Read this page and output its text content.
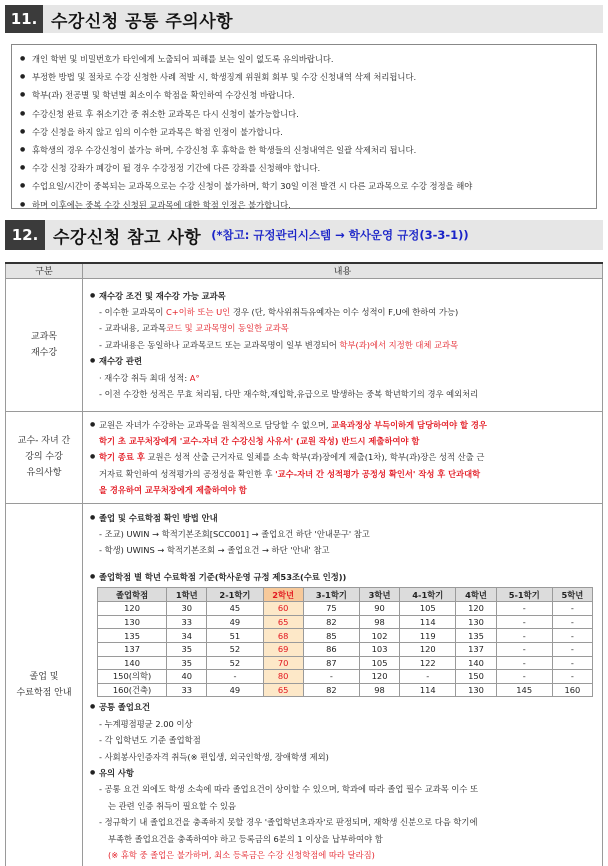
11. 수강신청 공통 주의사항
● 개인 학번 및 비밀번호가 타인에게 노출되어 피해를 보는 일이 없도록 유의바랍니다.
● 부정한 방법 및 절차로 수강 신청한 사례 적발 시, 학생징계 위원회 회부 및 수강 신청내역 삭제 처리됩니다.
● 학부(과) 전공별 및 학년별 최소이수 학점을 확인하여 수강신청 바랍니다.
● 수강신청 완료 후 취소기간 중 취소한 교과목은 다시 신청이 불가능합니다.
● 수강 신청을 하지 않고 임의 이수한 교과목은 학점 인정이 불가합니다.
● 휴학생의 경우 수강신청이 불가능 하며, 수강신청 후 휴학을 한 학생들의 신청내역은 일괄 삭제처리 됩니다.
● 수강 신청 강좌가 폐강이 될 경우 수강정정 기간에 다른 강좌를 신청해야 합니다.
● 수업요일/시간이 중복되는 교과목으로는 수강 신청이 불가하며, 학기 30일 이전 발견 시 다른 교과목으로 수강 정정을 해야
● 하며 이후에는 중복 수강 신청된 교과목에 대한 학점 인정은 불가합니다.
12. 수강신청 참고 사항 (*참고: 규정관리시스템 → 학사운영 규정(3-3-1))
구분	내용

교과목
재수강

● 재수강 조건 및 재수강 가능 교과목
- 이수한 교과목이 C+이하 또는 U인 경우 (단, 학사위취득유예자는 이수 성적이 F,U에 한하여 가능)
- 교과내용, 교과목코드 및 교과목명이 동일한 교과목
- 교과내용은 동일하나 교과목코드 또는 교과목명이 일부 변경되어 학부(과)에서 지정한 대체 교과목
● 재수강 관련
· 재수강 취득 최대 성적: A°
- 이전 수강한 성적은 무효 처리됨, 다만 재수학,재입학,유급으로 발생하는 중복 학년학기의 경우 예외처리

교수- 자녀 간
강의 수강
유의사항

● 교원은 자녀가 수강하는 교과목을 원칙적으로 담당할 수 없으며, 교육과정상 부득이하게 담당하여야 할 경우
학기 초 교무처장에게 '교수-자녀 간 수강신청 사유서' (교원 작성) 반드시 제출하여야 함
● 학기 종료 후 교원은 성적 산출 근거자료 일체를 소속 학부(과)장에게 제출(1차), 학부(과)장은 성적 산출 근
거자료 확인하여 성적평가의 공정성을 확인한 후 '교수-자녀 간 성적평가 공정성 확인서' 작성 후 단과대학
을 경유하여 교무처장에게 제출하여야 함

졸업 및
수료학점 안내

● 졸업 및 수료학점 확인 방법 안내
- 조교) UWIN → 학적기본조회[SCC001] → 졸업요건 하단 '안내문구' 참고
- 학생) UWINS → 학적기본조회 → 졸업요건 → 하단 '안내' 참고
● 졸업학점 별 학년 수료학점 기준(학사운영 규정 제53조(수료 인정))
졸업학점	1학년	2-1학기	2학년	3-1학기	3학년	4-1학기	4학년	5-1학기	5학년
120	30	45	60	75	90	105	120	-	-
130	33	49	65	82	98	114	130	-	-
135	34	51	68	85	102	119	135	-	-
137	35	52	69	86	103	120	137	-	-
140	35	52	70	87	105	122	140	-	-
150(의학)	40	-	80	-	120	-	150	-	-
160(건축)	33	49	65	82	98	114	130	145	160
● 공통 졸업요건
- 누계평점평균 2.00 이상
- 각 입학년도 기준 졸업학점
- 사회봉사인증자격 취득(※ 편입생, 외국인학생, 장애학생 제외)
● 유의 사항
- 공통 요건 외에도 학생 소속에 따라 졸업요건이 상이할 수 있으며, 학과에 따라 졸업 필수 교과목 이수 또
는 관련 인증 취득이 필요할 수 있음
- 정규학기 내 졸업요건을 충족하지 못할 경우 '졸업학년초과자'로 판정되며, 재학생 신분으로 다음 학기에
부족한 졸업요건을 충족하여야 하고 등록금의 6분의 1 이상을 납부하여야 함
(※ 휴학 중 졸업은 불가하며, 최소 등록금은 수강 신청학점에 따라 달라짐)
